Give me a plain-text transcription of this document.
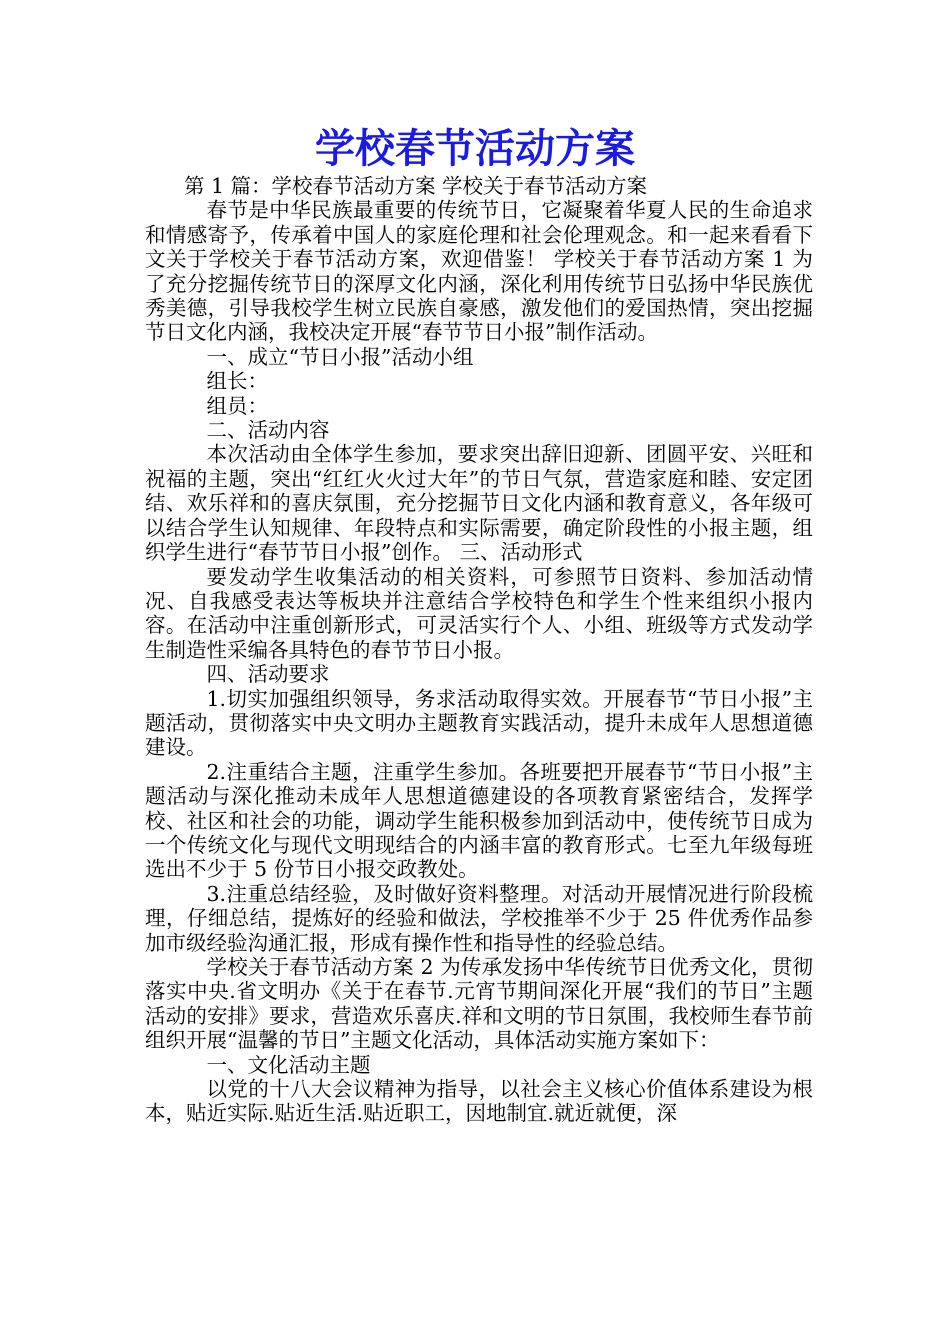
学校春节活动方案

第 1 篇：学校春节活动方案 学校关于春节活动方案

春节是中华民族最重要的传统节日，它凝聚着华夏人民的生命追求和情感寄予，传承着中国人的家庭伦理和社会伦理观念。和一起来看看下文关于学校关于春节活动方案，欢迎借鉴！ 学校关于春节活动方案 1 为了充分挖掘传统节日的深厚文化内涵，深化利用传统节日弘扬中华民族优秀美德，引导我校学生树立民族自豪感，激发他们的爱国热情，突出挖掘节日文化内涵，我校决定开展“春节节日小报”制作活动。

一、成立“节日小报”活动小组

组长：

组员：

二、活动内容

本次活动由全体学生参加，要求突出辞旧迎新、团圆平安、兴旺和祝福的主题，突出“红红火火过大年”的节日气氛，营造家庭和睦、安定团结、欢乐祥和的喜庆氛围，充分挖掘节日文化内涵和教育意义，各年级可以结合学生认知规律、年段特点和实际需要，确定阶段性的小报主题，组织学生进行“春节节日小报”创作。 三、活动形式

要发动学生收集活动的相关资料，可参照节日资料、参加活动情况、自我感受表达等板块并注意结合学校特色和学生个性来组织小报内容。在活动中注重创新形式，可灵活实行个人、小组、班级等方式发动学生制造性采编各具特色的春节节日小报。

四、活动要求

1.切实加强组织领导，务求活动取得实效。开展春节“节日小报”主题活动，贯彻落实中央文明办主题教育实践活动，提升未成年人思想道德建设。

2.注重结合主题，注重学生参加。各班要把开展春节“节日小报”主题活动与深化推动未成年人思想道德建设的各项教育紧密结合，发挥学校、社区和社会的功能，调动学生能积极参加到活动中，使传统节日成为一个传统文化与现代文明现结合的内涵丰富的教育形式。七至九年级每班选出不少于 5 份节日小报交政教处。

3.注重总结经验，及时做好资料整理。对活动开展情况进行阶段梳理，仔细总结，提炼好的经验和做法，学校推举不少于 25 件优秀作品参加市级经验沟通汇报，形成有操作性和指导性的经验总结。

学校关于春节活动方案 2 为传承发扬中华传统节日优秀文化，贯彻落实中央.省文明办《关于在春节.元宵节期间深化开展“我们的节日”主题活动的安排》要求，营造欢乐喜庆.祥和文明的节日氛围，我校师生春节前组织开展“温馨的节日”主题文化活动，具体活动实施方案如下：

一、文化活动主题

以党的十八大会议精神为指导，以社会主义核心价值体系建设为根本，贴近实际.贴近生活.贴近职工，因地制宜.就近就便，深
